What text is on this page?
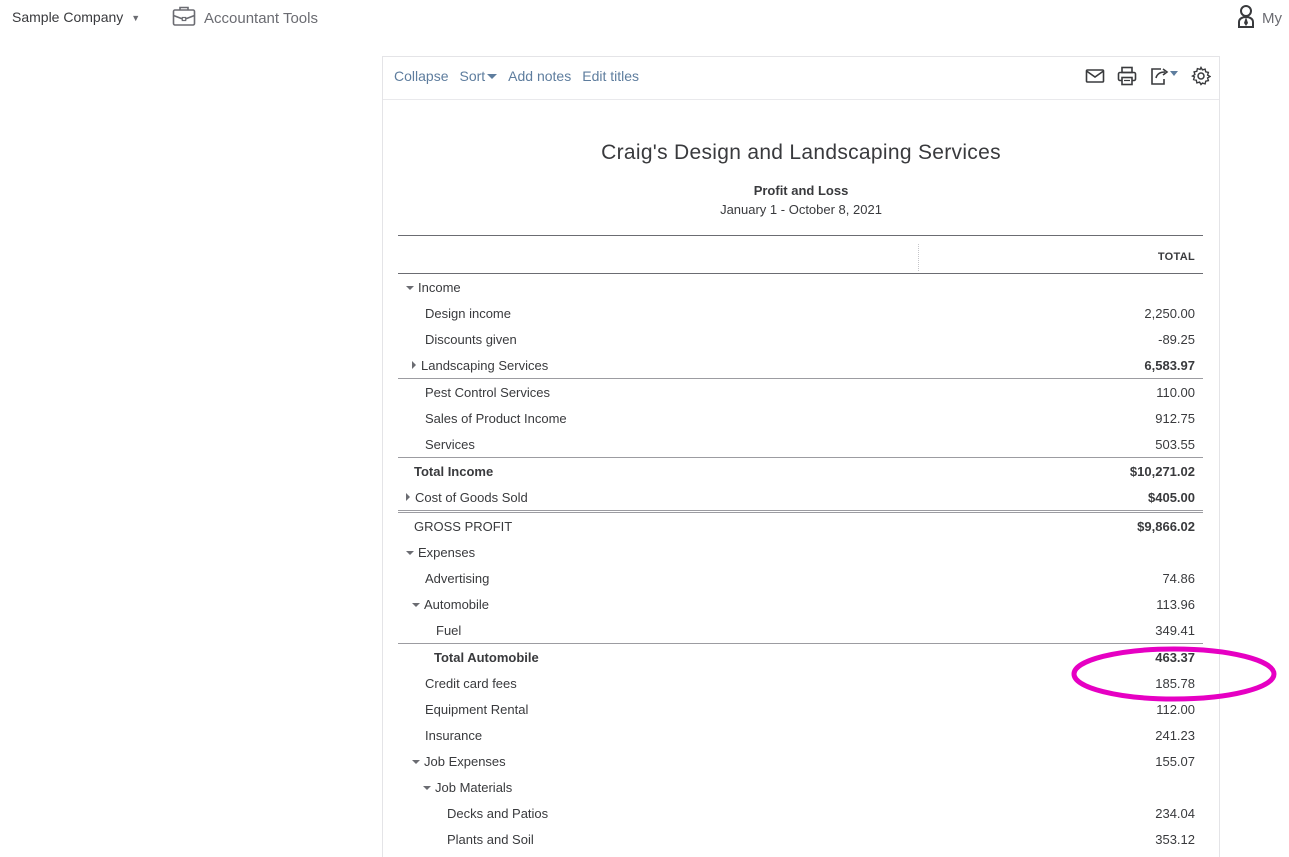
Sample Company ▼	Accountant Tools	My
Collapse Sort	Add notes Edit titles
Craig's Design and Landscaping Services
Profit and Loss
January 1 - October 8, 2021
TOTAL
Income
Design income	2,250.00
Discounts given	-89.25
Landscaping Services	6,583.97
Pest Control Services	110.00
Sales of Product Income	912.75
Services	503.55
Total Income	$10,271.02
Cost of Goods Sold	$405.00
GROSS PROFIT	$9,866.02
Expenses
Advertising	74.86
Automobile	113.96
Fuel	349.41
Total Automobile	463.37
Credit card fees	185.78
Equipment Rental	112.00
Insurance	241.23
Job Expenses	155.07
Job Materials
Decks and Patios	234.04
Plants and Soil	353.12
